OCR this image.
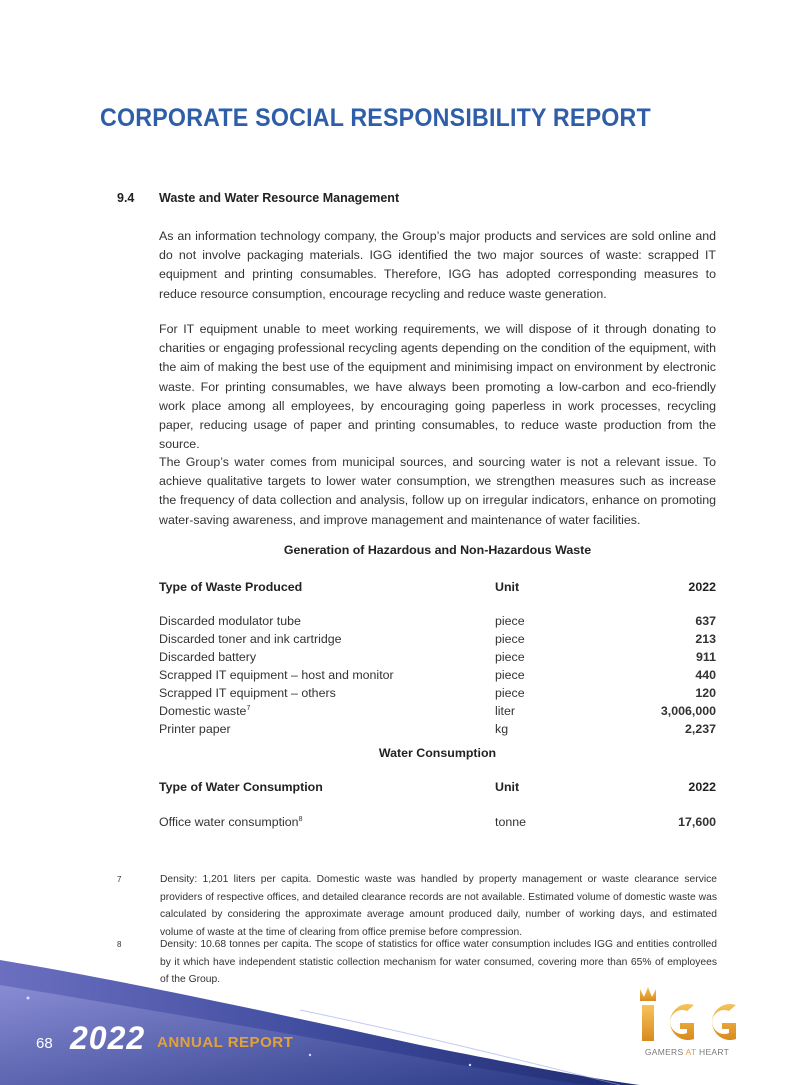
CORPORATE SOCIAL RESPONSIBILITY REPORT
9.4 Waste and Water Resource Management
As an information technology company, the Group’s major products and services are sold online and do not involve packaging materials. IGG identified the two major sources of waste: scrapped IT equipment and printing consumables. Therefore, IGG has adopted corresponding measures to reduce resource consumption, encourage recycling and reduce waste generation.
For IT equipment unable to meet working requirements, we will dispose of it through donating to charities or engaging professional recycling agents depending on the condition of the equipment, with the aim of making the best use of the equipment and minimising impact on environment by electronic waste. For printing consumables, we have always been promoting a low-carbon and eco-friendly work place among all employees, by encouraging going paperless in work processes, recycling paper, reducing usage of paper and printing consumables, to reduce waste production from the source.
The Group’s water comes from municipal sources, and sourcing water is not a relevant issue. To achieve qualitative targets to lower water consumption, we strengthen measures such as increase the frequency of data collection and analysis, follow up on irregular indicators, enhance on promoting water-saving awareness, and improve management and maintenance of water facilities.
Generation of Hazardous and Non-Hazardous Waste
Type of Waste Produced	Unit	2022
Discarded modulator tube	piece	637
Discarded toner and ink cartridge	piece	213
Discarded battery	piece	911
Scrapped IT equipment – host and monitor	piece	440
Scrapped IT equipment – others	piece	120
Domestic waste$^7$	liter	3,006,000
Printer paper	kg	2,237
Water Consumption
Type of Water Consumption	Unit	2022
Office water consumption$^8$	tonne	17,600
7	Density: 1,201 liters per capita. Domestic waste was handled by property management or waste clearance service providers of respective offices, and detailed clearance records are not available. Estimated volume of domestic waste was calculated by considering the approximate average amount produced daily, number of working days, and estimated volume of waste at the time of clearing from office premise before compression.
8	Density: 10.68 tonnes per capita. The scope of statistics for office water consumption includes IGG and entities controlled by it which have independent statistic collection mechanism for water consumed, covering more than 65% of employees of the Group.
68 2022 ANNUAL REPORT
GAMERS AT HEART
